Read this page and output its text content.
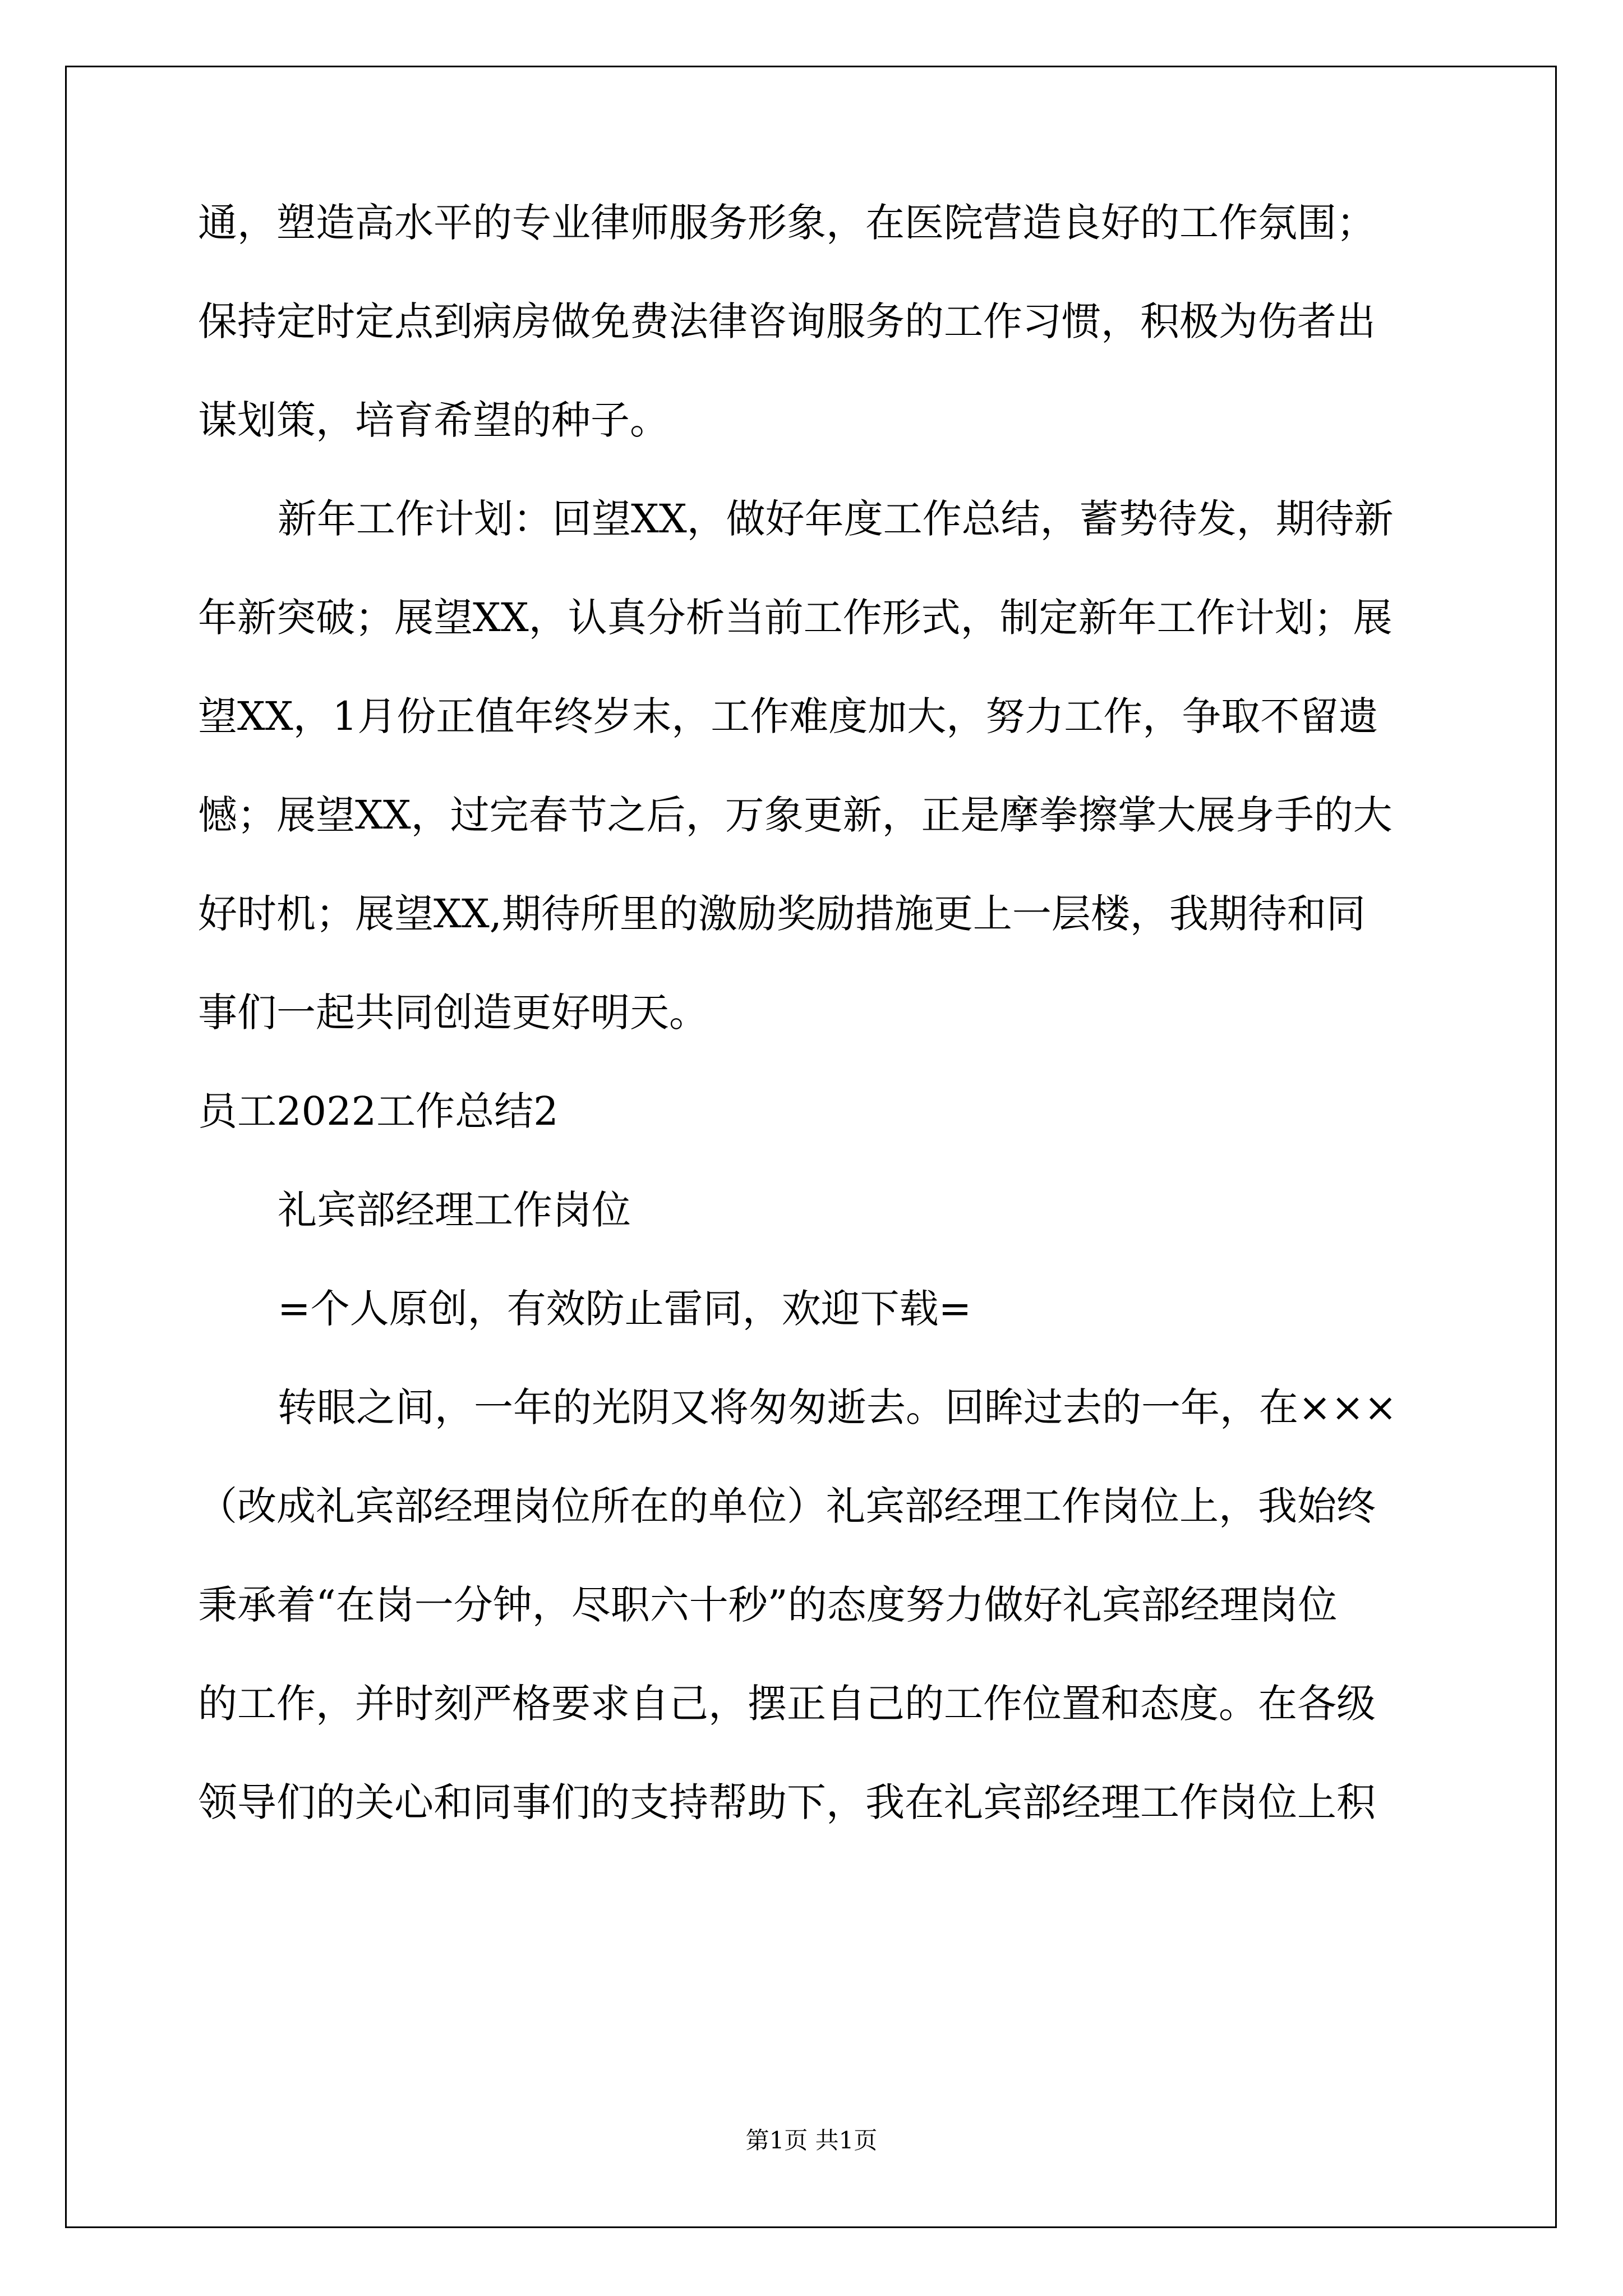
通，塑造高水平的专业律师服务形象，在医院营造良好的工作氛围；
保持定时定点到病房做免费法律咨询服务的工作习惯，积极为伤者出
谋划策，培育希望的种子。
新年工作计划：回望XX，做好年度工作总结，蓄势待发，期待新
年新突破；展望XX，认真分析当前工作形式，制定新年工作计划；展
望XX，1月份正值年终岁末，工作难度加大，努力工作，争取不留遗
憾；展望XX，过完春节之后，万象更新，正是摩拳擦掌大展身手的大
好时机；展望XX,期待所里的激励奖励措施更上一层楼，我期待和同
事们一起共同创造更好明天。
员工2022工作总结2
礼宾部经理工作岗位
=个人原创，有效防止雷同，欢迎下载=
转眼之间，一年的光阴又将匆匆逝去。回眸过去的一年，在×××
（改成礼宾部经理岗位所在的单位）礼宾部经理工作岗位上，我始终
秉承着“在岗一分钟，尽职六十秒”的态度努力做好礼宾部经理岗位
的工作，并时刻严格要求自己，摆正自己的工作位置和态度。在各级
领导们的关心和同事们的支持帮助下，我在礼宾部经理工作岗位上积
第1页 共1页
